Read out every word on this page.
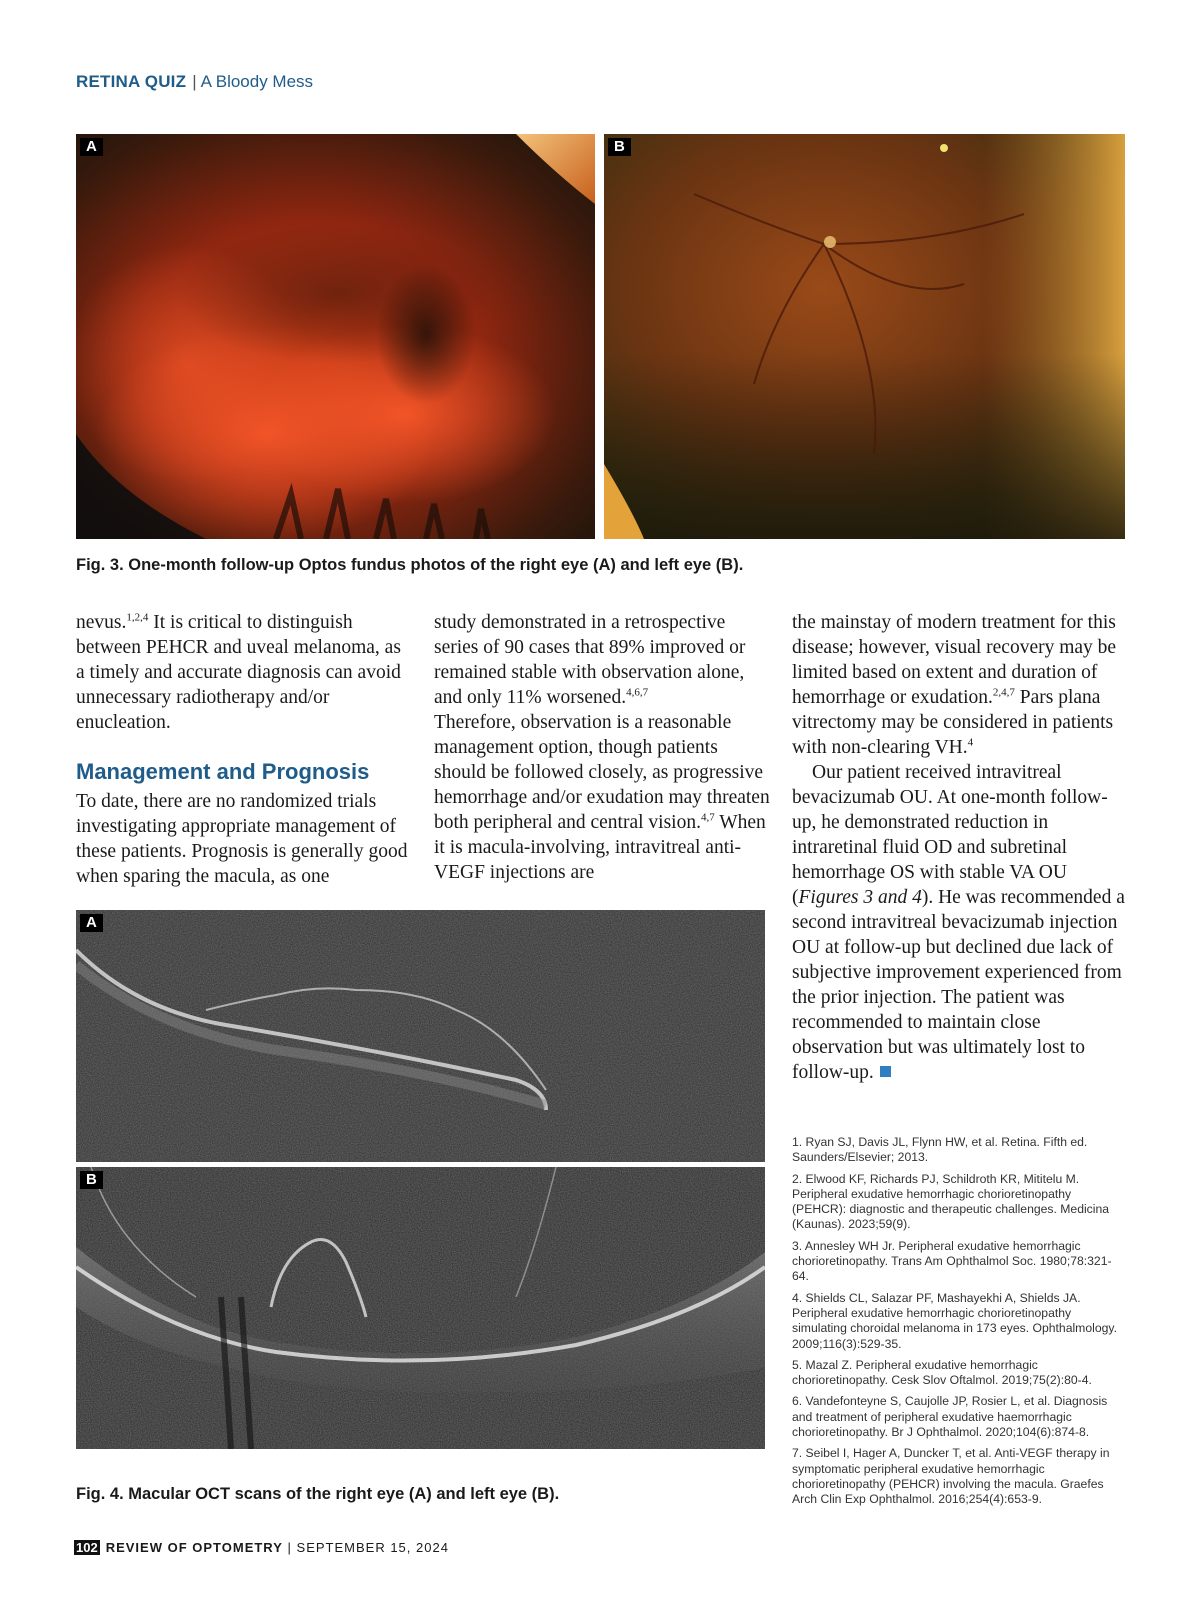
RETINA QUIZ | A Bloody Mess
A	B
Fig. 3. One-month follow-up Optos fundus photos of the right eye (A) and left eye (B).

nevus.$^{1,2,4}$ It is critical to distinguish between PEHCR and uveal melanoma, as a timely and accurate diagnosis can avoid unnecessary radiotherapy and/or enucleation.

Management and Prognosis

To date, there are no randomized trials investigating appropriate management of these patients. Prognosis is generally good when sparing the macula, as one

study demonstrated in a retrospective series of 90 cases that 89% improved or remained stable with observation alone, and only 11% worsened.$^{4,6,7}$

Therefore, observation is a reasonable management option, though patients should be followed closely, as progressive hemorrhage and/or exudation may threaten both peripheral and central vision.$^{4,7}$ When it is macula-involving, intravitreal anti-VEGF injections are

the mainstay of modern treatment for this disease; however, visual recovery may be limited based on extent and duration of hemorrhage or exudation.$^{2,4,7}$ Pars plana vitrectomy may be considered in patients with non-clearing VH.$^4$

Our patient received intravitreal bevacizumab OU. At one-month follow-up, he demonstrated reduction in intraretinal fluid OD and subretinal hemorrhage OS with stable VA OU (Figures 3 and 4). He was recommended a second intravitreal bevacizumab injection OU at follow-up but declined due lack of subjective improvement experienced from the prior injection. The patient was recommended to maintain close observation but was ultimately lost to follow-up.

A
B
Fig. 4. Macular OCT scans of the right eye (A) and left eye (B).
1. Ryan SJ, Davis JL, Flynn HW, et al. Retina. Fifth ed. Saunders/Elsevier; 2013.
2. Elwood KF, Richards PJ, Schildroth KR, Mititelu M. Peripheral exudative hemorrhagic chorioretinopathy (PEHCR): diagnostic and therapeutic challenges. Medicina (Kaunas). 2023;59(9).
3. Annesley WH Jr. Peripheral exudative hemorrhagic chorioretinopathy. Trans Am Ophthalmol Soc. 1980;78:321-64.
4. Shields CL, Salazar PF, Mashayekhi A, Shields JA. Peripheral exudative hemorrhagic chorioretinopathy simulating choroidal melanoma in 173 eyes. Ophthalmology. 2009;116(3):529-35.
5. Mazal Z. Peripheral exudative hemorrhagic chorioretinopathy. Cesk Slov Oftalmol. 2019;75(2):80-4.
6. Vandefonteyne S, Caujolle JP, Rosier L, et al. Diagnosis and treatment of peripheral exudative haemorrhagic chorioretinopathy. Br J Ophthalmol. 2020;104(6):874-8.
7. Seibel I, Hager A, Duncker T, et al. Anti-VEGF therapy in symptomatic peripheral exudative hemorrhagic chorioretinopathy (PEHCR) involving the macula. Graefes Arch Clin Exp Ophthalmol. 2016;254(4):653-9.
102 REVIEW OF OPTOMETRY | SEPTEMBER 15, 2024
